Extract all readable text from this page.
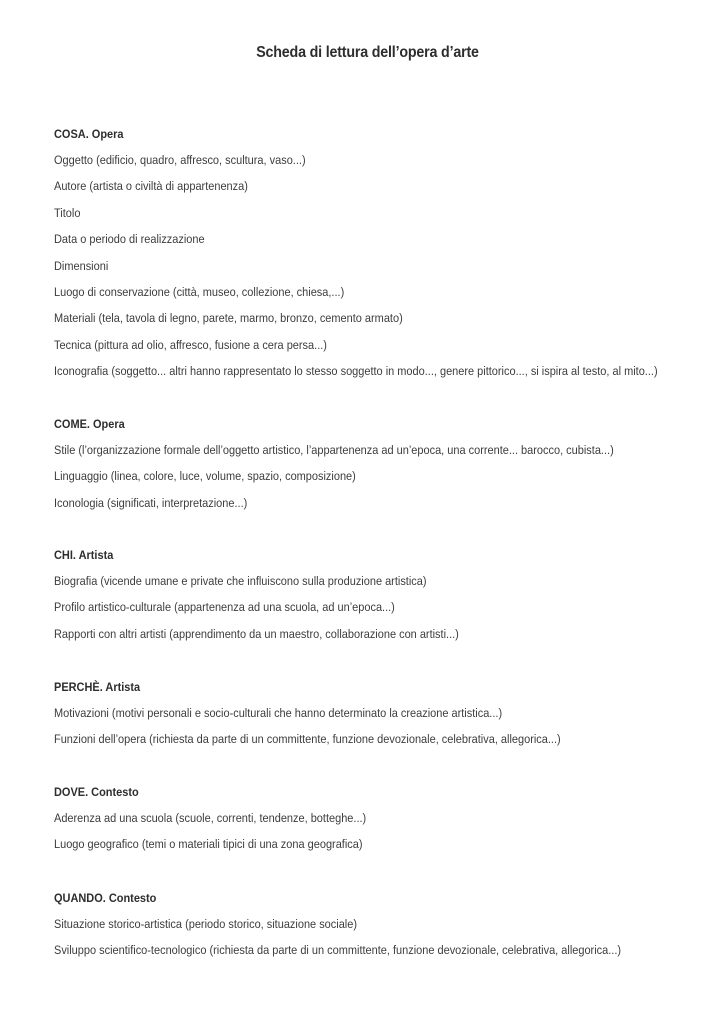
Scheda di lettura dell’opera d’arte
COSA. Opera
Oggetto (edificio, quadro, affresco, scultura, vaso...)
Autore (artista o civiltà di appartenenza)
Titolo
Data o periodo di realizzazione
Dimensioni
Luogo di conservazione (città, museo, collezione, chiesa,...)
Materiali (tela, tavola di legno, parete, marmo, bronzo, cemento armato)
Tecnica (pittura ad olio, affresco, fusione a cera persa...)
Iconografia (soggetto... altri hanno rappresentato lo stesso soggetto in modo..., genere pittorico..., si ispira al testo, al mito...)
COME. Opera
Stile (l’organizzazione formale dell’oggetto artistico, l’appartenenza ad un’epoca, una corrente... barocco, cubista...)
Linguaggio (linea, colore, luce, volume, spazio, composizione)
Iconologia (significati, interpretazione...)
CHI. Artista
Biografia (vicende umane e private che influiscono sulla produzione artistica)
Profilo artistico-culturale (appartenenza ad una scuola, ad un’epoca...)
Rapporti con altri artisti (apprendimento da un maestro, collaborazione con artisti...)
PERCHÈ. Artista
Motivazioni (motivi personali e socio-culturali che hanno determinato la creazione artistica...)
Funzioni dell’opera (richiesta da parte di un committente, funzione devozionale, celebrativa, allegorica...)
DOVE. Contesto
Aderenza ad una scuola (scuole, correnti, tendenze, botteghe...)
Luogo geografico (temi o materiali tipici di una zona geografica)
QUANDO. Contesto
Situazione storico-artistica (periodo storico, situazione sociale)
Sviluppo scientifico-tecnologico (richiesta da parte di un committente, funzione devozionale, celebrativa, allegorica...)
